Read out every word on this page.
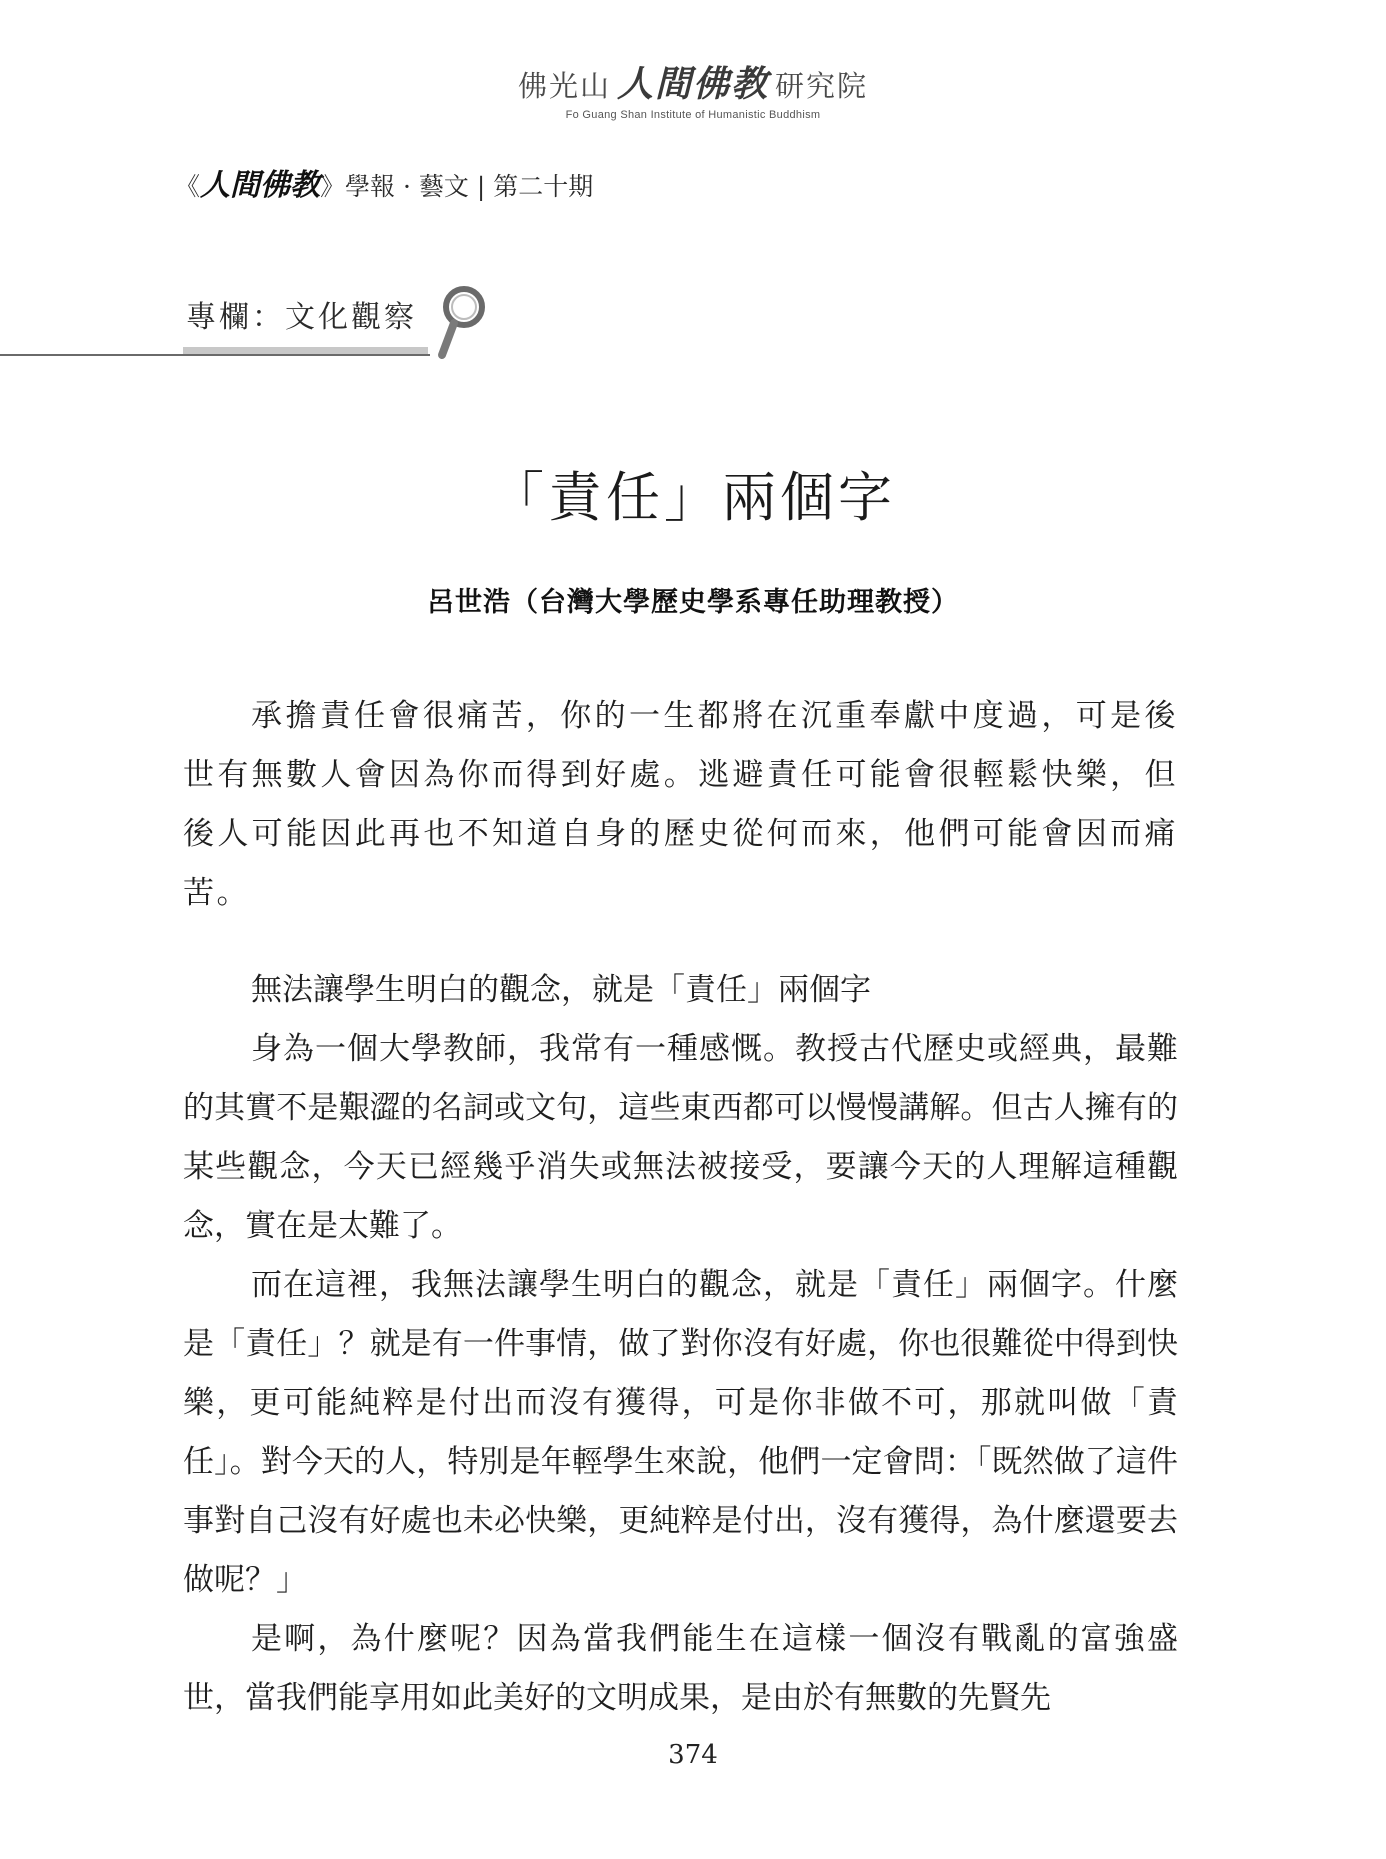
佛光山 人間佛教 研究院
Fo Guang Shan Institute of Humanistic Buddhism
《人間佛教》學報 · 藝文 | 第二十期
專欄：文化觀察
「責任」兩個字
呂世浩（台灣大學歷史學系專任助理教授）

承擔責任會很痛苦，你的一生都將在沉重奉獻中度過，可是後世有無數人會因為你而得到好處。逃避責任可能會很輕鬆快樂，但後人可能因此再也不知道自身的歷史從何而來，他們可能會因而痛苦。

無法讓學生明白的觀念，就是「責任」兩個字

身為一個大學教師，我常有一種感慨。教授古代歷史或經典，最難的其實不是艱澀的名詞或文句，這些東西都可以慢慢講解。但古人擁有的某些觀念，今天已經幾乎消失或無法被接受，要讓今天的人理解這種觀念，實在是太難了。

而在這裡，我無法讓學生明白的觀念，就是「責任」兩個字。什麼是「責任」？就是有一件事情，做了對你沒有好處，你也很難從中得到快樂，更可能純粹是付出而沒有獲得，可是你非做不可，那就叫做「責任」。對今天的人，特別是年輕學生來說，他們一定會問：「既然做了這件事對自己沒有好處也未必快樂，更純粹是付出，沒有獲得，為什麼還要去做呢？」

是啊，為什麼呢？因為當我們能生在這樣一個沒有戰亂的富強盛世，當我們能享用如此美好的文明成果，是由於有無數的先賢先

374
